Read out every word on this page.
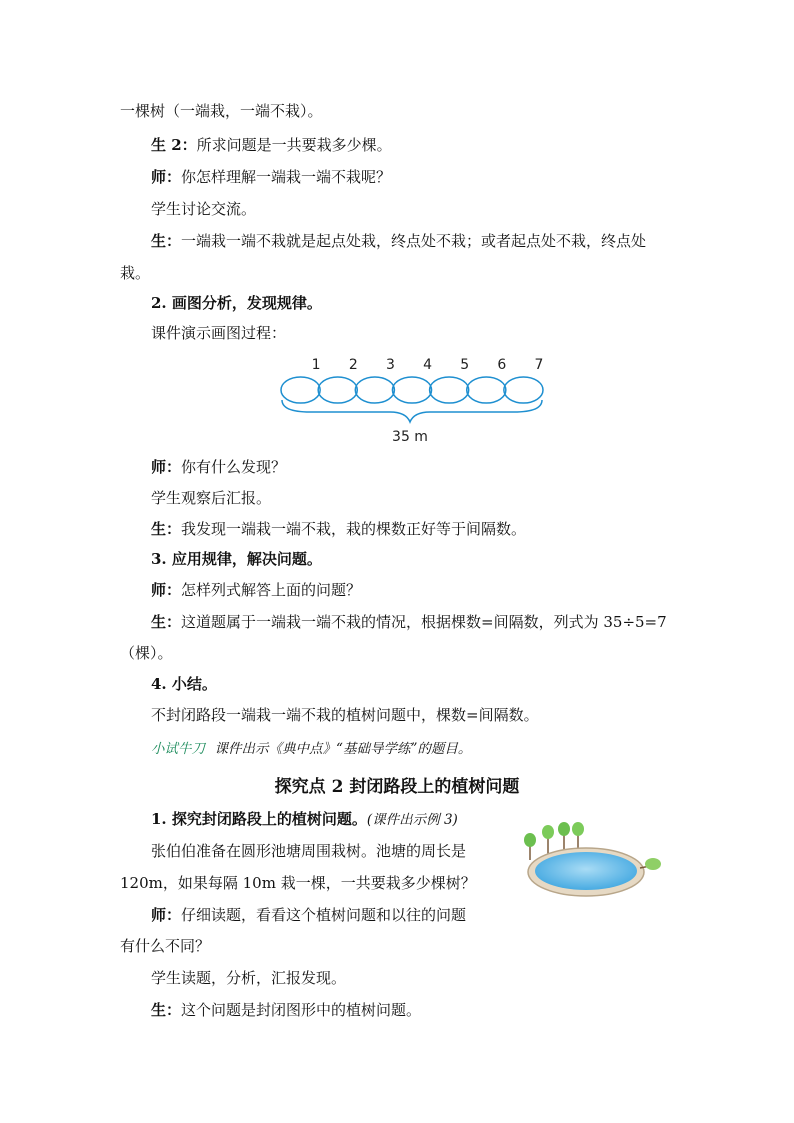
一棵树（一端栽，一端不栽）。
生 2：所求问题是一共要栽多少棵。
师：你怎样理解一端栽一端不栽呢？
学生讨论交流。
生：一端栽一端不栽就是起点处栽，终点处不栽；或者起点处不栽，终点处
栽。
2. 画图分析，发现规律。
课件演示画图过程：
1 2 3 4 5 6 7
35 m
师：你有什么发现？
学生观察后汇报。
生：我发现一端栽一端不栽，栽的棵数正好等于间隔数。
3. 应用规律，解决问题。
师：怎样列式解答上面的问题？
生：这道题属于一端栽一端不栽的情况，根据棵数=间隔数，列式为 35÷5=7
（棵）。
4. 小结。
不封闭路段一端栽一端不栽的植树问题中，棵数=间隔数。
小试牛刀 课件出示《典中点》“基础导学练”的题目。
探究点 2 封闭路段上的植树问题
1. 探究封闭路段上的植树问题。(课件出示例 3)
张伯伯准备在圆形池塘周围栽树。池塘的周长是
120m，如果每隔 10m 栽一棵，一共要栽多少棵树？
师：仔细读题，看看这个植树问题和以往的问题
有什么不同？
学生读题，分析，汇报发现。
生：这个问题是封闭图形中的植树问题。
